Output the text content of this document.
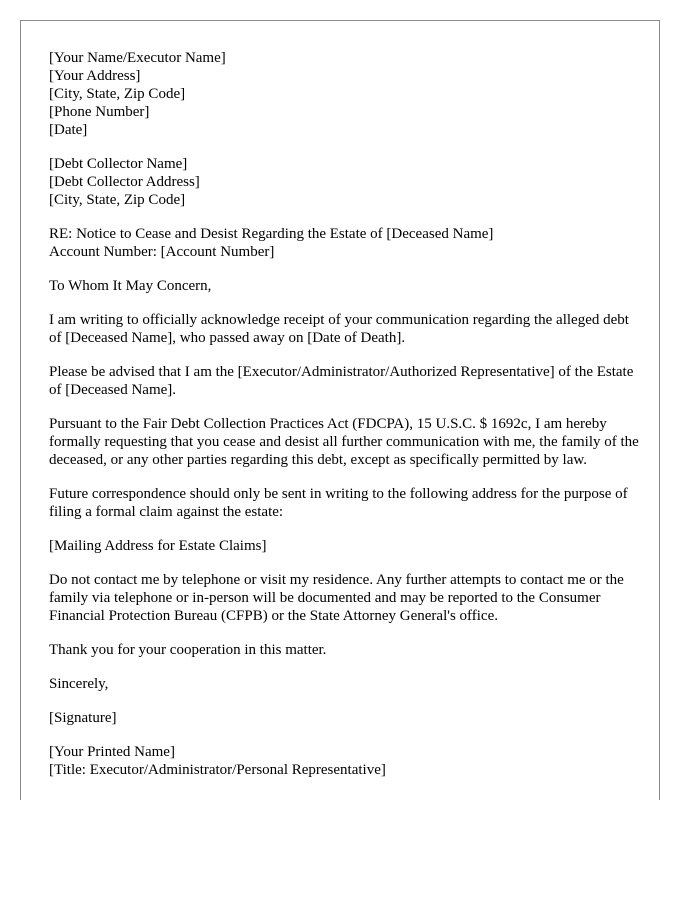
[Your Name/Executor Name]
[Your Address]
[City, State, Zip Code]
[Phone Number]
[Date]
[Debt Collector Name]
[Debt Collector Address]
[City, State, Zip Code]
RE: Notice to Cease and Desist Regarding the Estate of [Deceased Name]
Account Number: [Account Number]

To Whom It May Concern,

I am writing to officially acknowledge receipt of your communication regarding the alleged debt of [Deceased Name], who passed away on [Date of Death].

Please be advised that I am the [Executor/Administrator/Authorized Representative] of the Estate of [Deceased Name].

Pursuant to the Fair Debt Collection Practices Act (FDCPA), 15 U.S.C. $ 1692c, I am hereby formally requesting that you cease and desist all further communication with me, the family of the deceased, or any other parties regarding this debt, except as specifically permitted by law.

Future correspondence should only be sent in writing to the following address for the purpose of filing a formal claim against the estate:

[Mailing Address for Estate Claims]

Do not contact me by telephone or visit my residence. Any further attempts to contact me or the family via telephone or in-person will be documented and may be reported to the Consumer Financial Protection Bureau (CFPB) or the State Attorney General's office.

Thank you for your cooperation in this matter.

Sincerely,

[Signature]

[Your Printed Name]
[Title: Executor/Administrator/Personal Representative]
